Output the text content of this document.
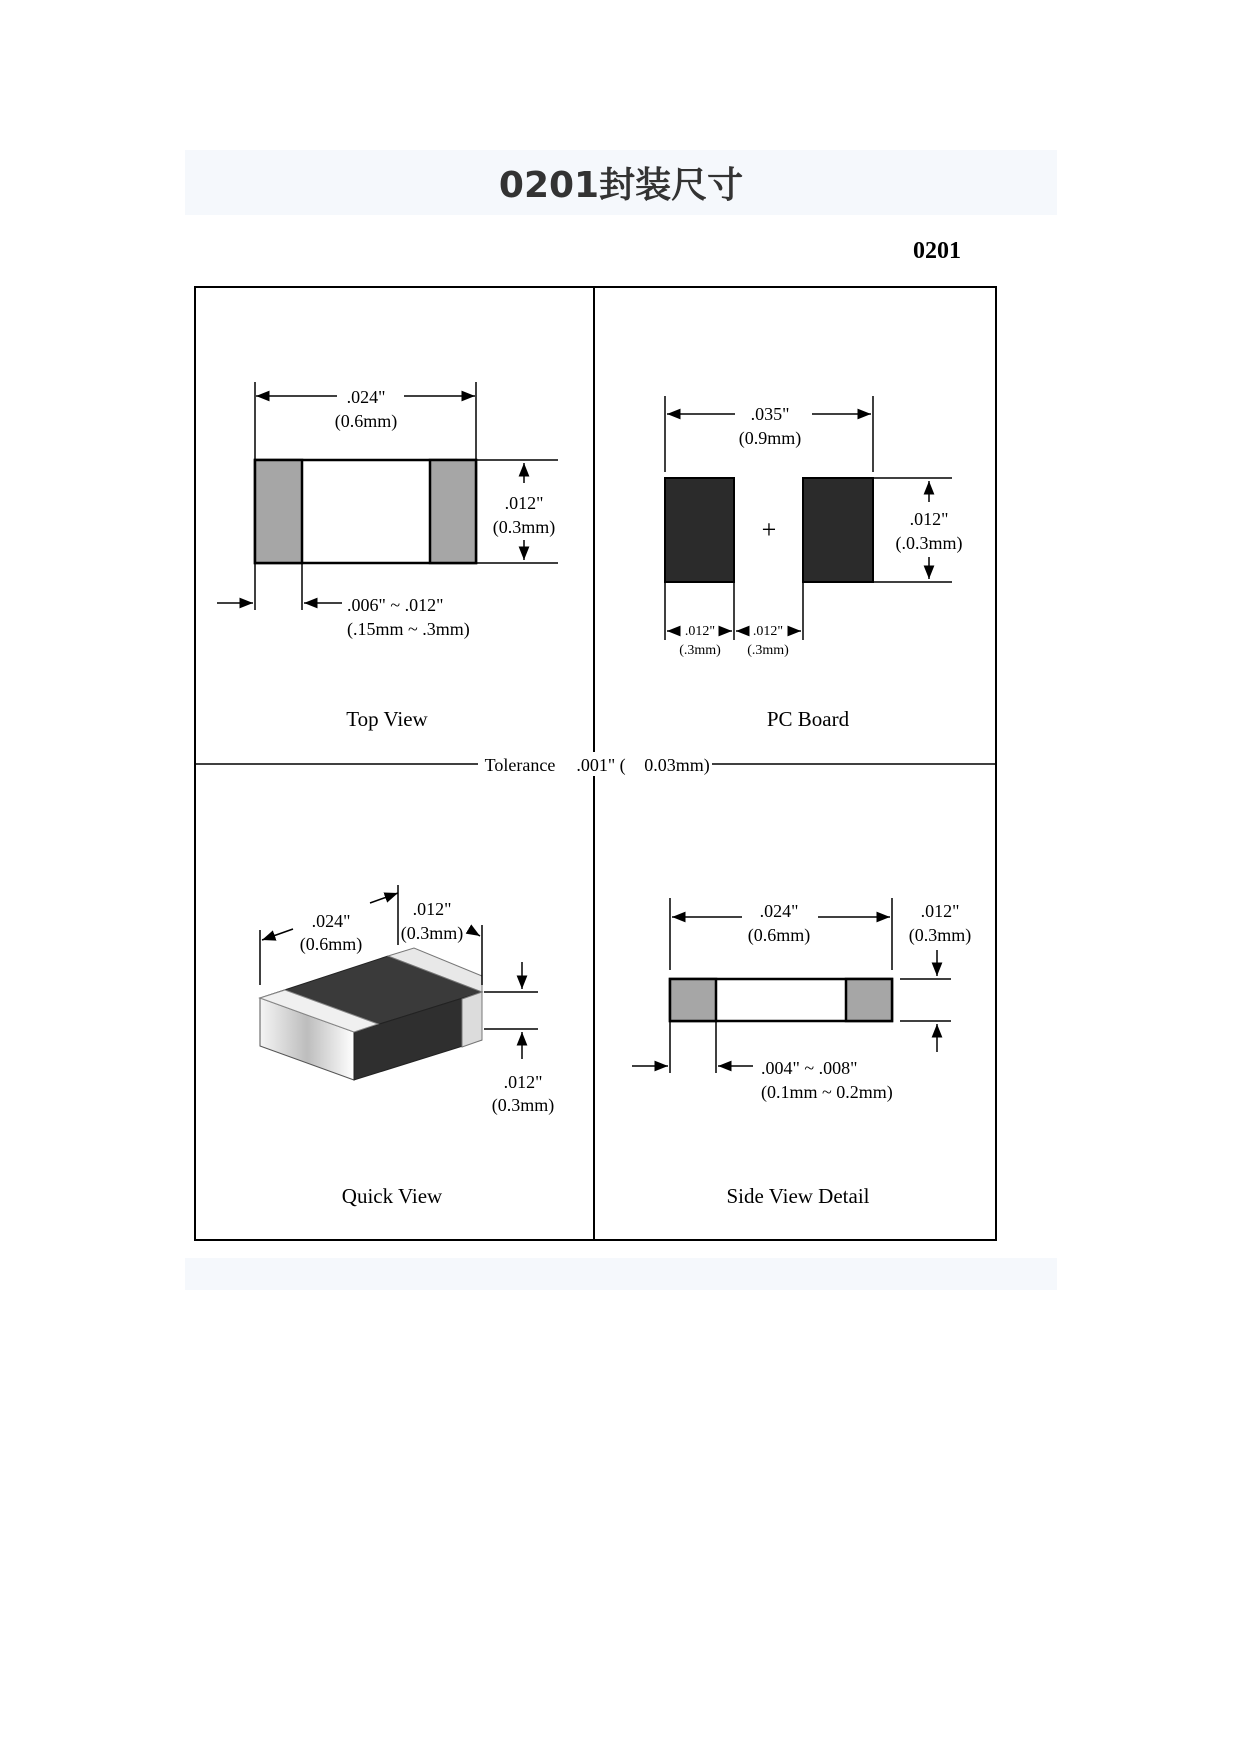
0201封装尺寸
0201
Tolerance .001" ( 0.03mm)
.024"
(0.6mm)
.012"
(0.3mm)
.006" ~ .012"
(.15mm ~ .3mm)
Top View
.035"
(0.9mm)
+	.012"
(.0.3mm)
.012"
(.3mm)
.012"
(.3mm)
PC Board
.024"
(0.6mm)
.012"
(0.3mm)
.012"
(0.3mm)
Quick View
.024"
(0.6mm)
.012"
(0.3mm)
.004" ~ .008"
(0.1mm ~ 0.2mm)
Side View Detail
